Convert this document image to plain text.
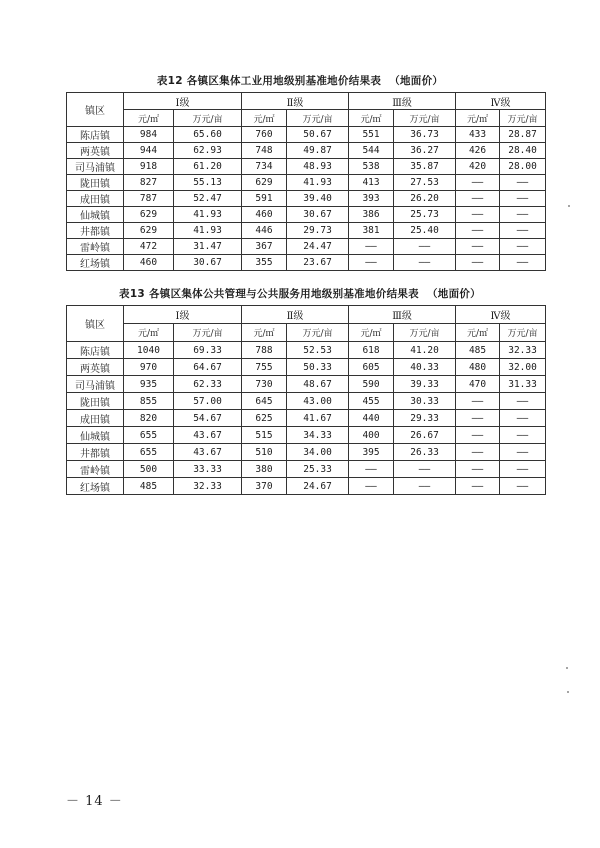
表12 各镇区集体工业用地级别基准地价结果表 （地面价）
镇区	Ⅰ级		Ⅱ级		Ⅲ级		Ⅳ级	
	元/㎡	万元/亩	元/㎡	万元/亩	元/㎡	万元/亩	元/㎡	万元/亩
陈店镇	984	65.60	760	50.67	551	36.73	433	28.87
两英镇	944	62.93	748	49.87	544	36.27	426	28.40
司马浦镇	918	61.20	734	48.93	538	35.87	420	28.00
陇田镇	827	55.13	629	41.93	413	27.53	——	——
成田镇	787	52.47	591	39.40	393	26.20	——	——
仙城镇	629	41.93	460	30.67	386	25.73	——	——
井都镇	629	41.93	446	29.73	381	25.40	——	——
雷岭镇	472	31.47	367	24.47	——	——	——	——
红场镇	460	30.67	355	23.67	——	——	——	——
表13 各镇区集体公共管理与公共服务用地级别基准地价结果表 （地面价）
镇区	Ⅰ级		Ⅱ级		Ⅲ级		Ⅳ级	
	元/㎡	万元/亩	元/㎡	万元/亩	元/㎡	万元/亩	元/㎡	万元/亩
陈店镇	1040	69.33	788	52.53	618	41.20	485	32.33
两英镇	970	64.67	755	50.33	605	40.33	480	32.00
司马浦镇	935	62.33	730	48.67	590	39.33	470	31.33
陇田镇	855	57.00	645	43.00	455	30.33	——	——
成田镇	820	54.67	625	41.67	440	29.33	——	——
仙城镇	655	43.67	515	34.33	400	26.67	——	——
井都镇	655	43.67	510	34.00	395	26.33	——	——
雷岭镇	500	33.33	380	25.33	——	——	——	——
红场镇	485	32.33	370	24.67	——	——	——	——
－ 14 －
